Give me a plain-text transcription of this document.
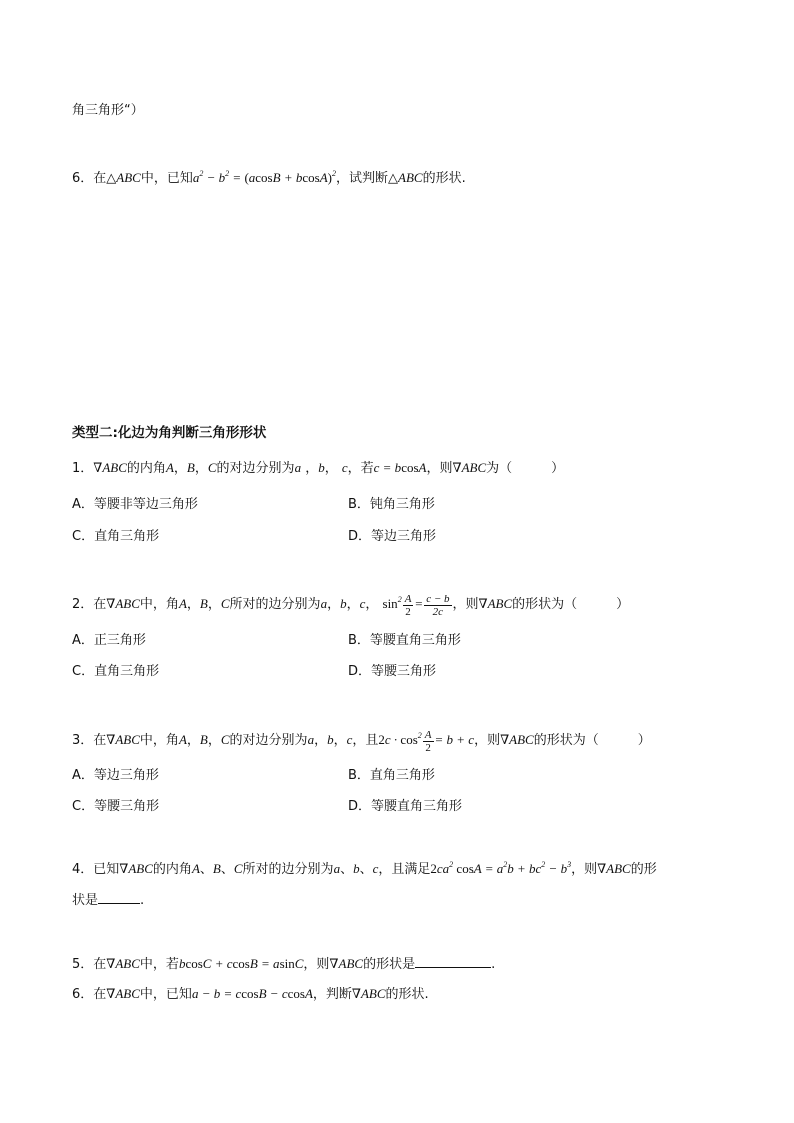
角三角形“）
6．在△ABC中，已知$a^2 - b^2 = (acosB + bcosA)^2$，试判断△ABC的形状.
类型二:化边为角判断三角形形状
1．∇ABC的内角A，B，C的对边分别为a ，b， c，若c = bcosA，则∇ABC为（　　　）
A．等腰非等边三角形	B．钝角三角形
C．直角三角形	D．等边三角形
2．在∇ABC中，角A，B，C所对的边分别为a，b，c， $\sin^2 \frac{A}{2} = \frac{c - b}{2c}$ ，则∇ABC的形状为（　　　）
A．正三角形	B．等腰直角三角形
C．直角三角形	D．等腰三角形
3．在∇ABC中，角A，B，C的对边分别为a，b，c，且$2c \cdot \cos^2 \frac{A}{2} = b + c$，则∇ABC的形状为（　　　）
A．等边三角形	B．直角三角形
C．等腰三角形	D．等腰直角三角形
4．已知∇ABC的内角A、B、C所对的边分别为a、b、c，且满足$2ca^2$ $\cos A = a^2b + bc^2 - b^3$，则∇ABC的形
状是	.
5．在∇ABC中，若bcosC + ccosB = asinC，则∇ABC的形状是	.
6．在∇ABC中，已知a − b = ccosB − ccosA，判断∇ABC的形状.
